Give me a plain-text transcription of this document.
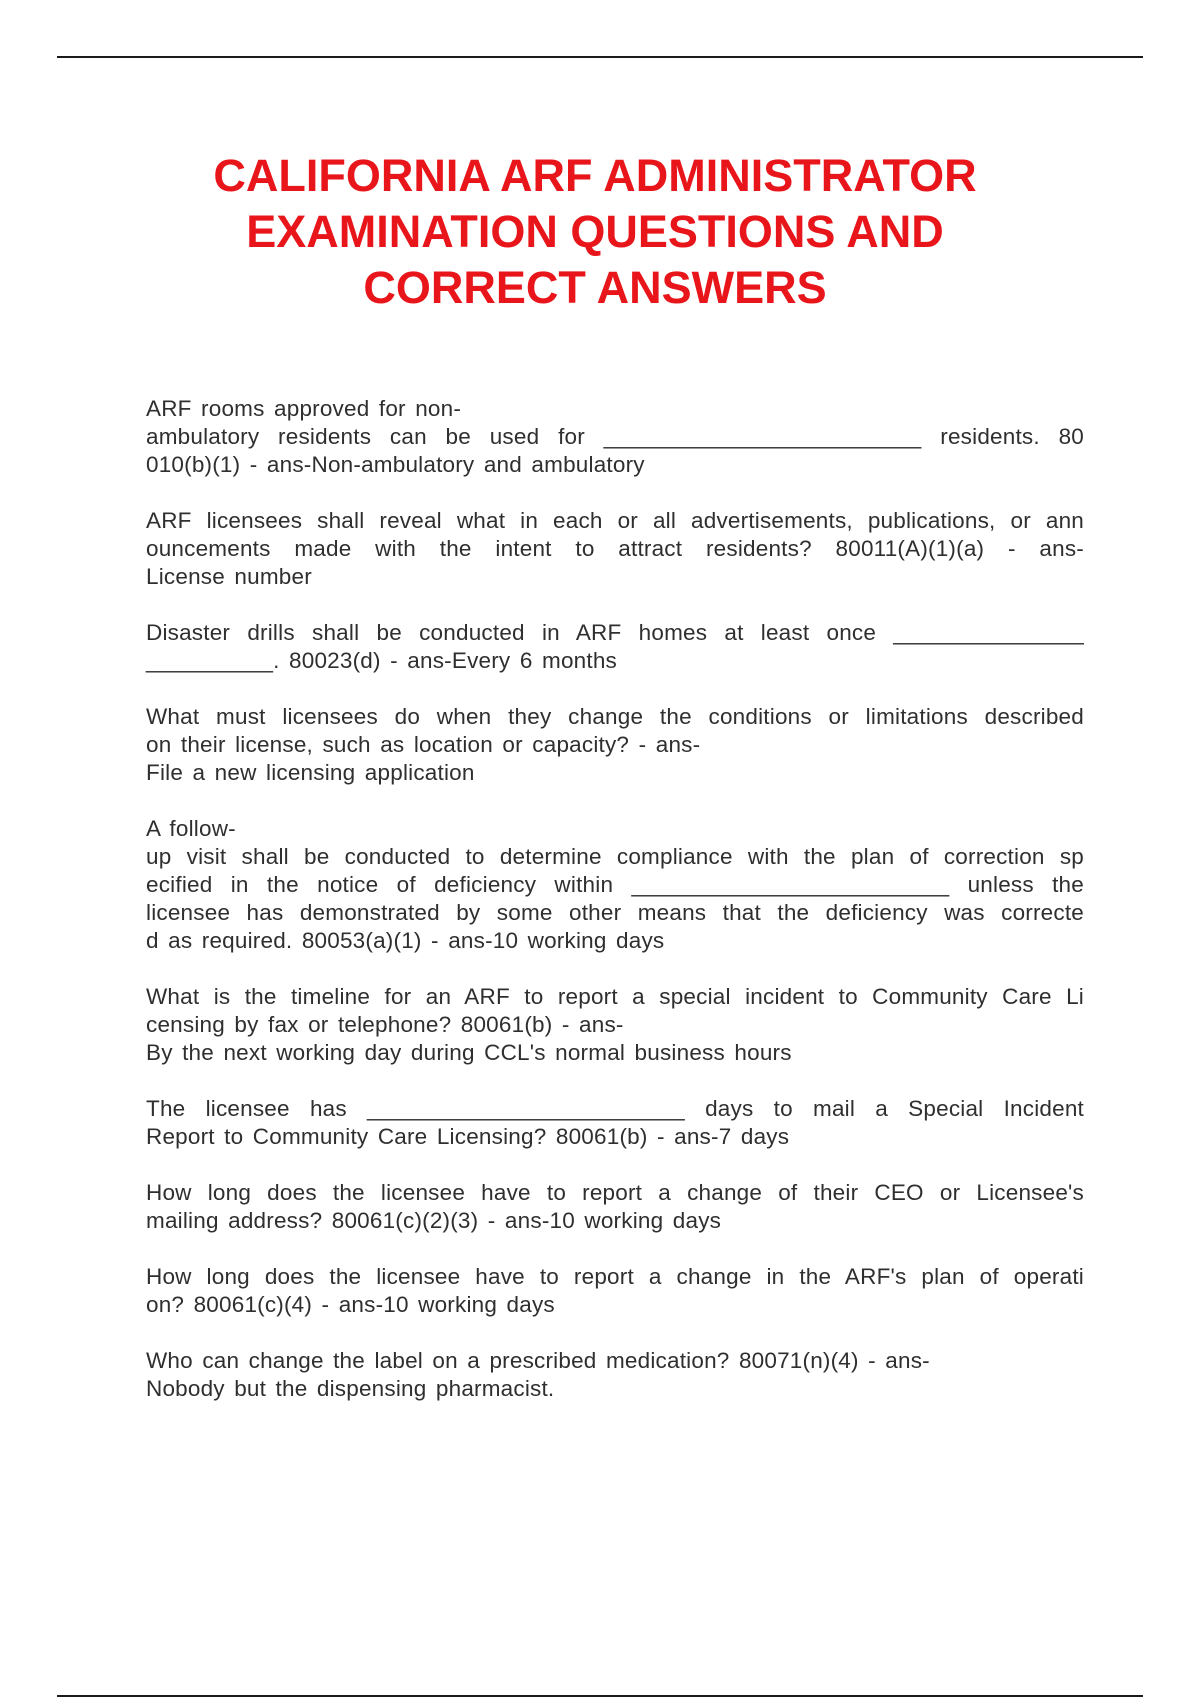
CALIFORNIA ARF ADMINISTRATOR
EXAMINATION QUESTIONS AND
CORRECT ANSWERS

ARF rooms approved for non-
ambulatory residents can be used for _________________________ residents. 80
010(b)(1) - ans-Non-ambulatory and ambulatory

ARF licensees shall reveal what in each or all advertisements, publications, or ann
ouncements made with the intent to attract residents? 80011(A)(1)(a) - ans-
License number

Disaster drills shall be conducted in ARF homes at least once _______________
__________. 80023(d) - ans-Every 6 months

What must licensees do when they change the conditions or limitations described
on their license, such as location or capacity? - ans-
File a new licensing application

A follow-
up visit shall be conducted to determine compliance with the plan of correction sp
ecified in the notice of deficiency within _________________________ unless the
licensee has demonstrated by some other means that the deficiency was correcte
d as required. 80053(a)(1) - ans-10 working days

What is the timeline for an ARF to report a special incident to Community Care Li
censing by fax or telephone? 80061(b) - ans-
By the next working day during CCL's normal business hours

The licensee has _________________________ days to mail a Special Incident
Report to Community Care Licensing? 80061(b) - ans-7 days

How long does the licensee have to report a change of their CEO or Licensee's
mailing address? 80061(c)(2)(3) - ans-10 working days

How long does the licensee have to report a change in the ARF's plan of operati
on? 80061(c)(4) - ans-10 working days

Who can change the label on a prescribed medication? 80071(n)(4) - ans-
Nobody but the dispensing pharmacist.
